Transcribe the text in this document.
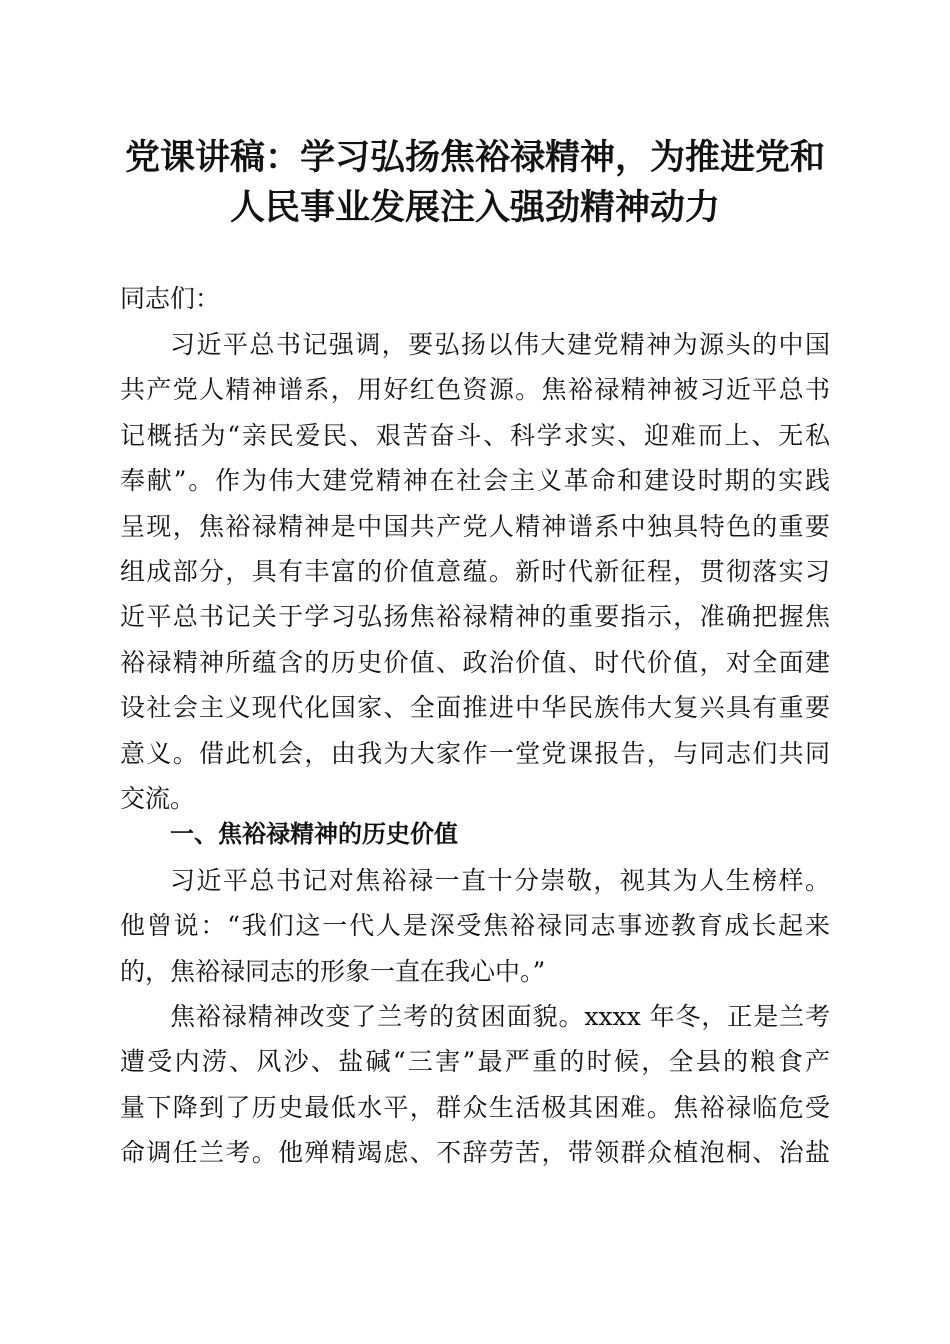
党课讲稿：学习弘扬焦裕禄精神，为推进党和
人民事业发展注入强劲精神动力
同志们：
习近平总书记强调，要弘扬以伟大建党精神为源头的中国
共产党人精神谱系，用好红色资源。焦裕禄精神被习近平总书
记概括为“亲民爱民、艰苦奋斗、科学求实、迎难而上、无私
奉献”。作为伟大建党精神在社会主义革命和建设时期的实践
呈现，焦裕禄精神是中国共产党人精神谱系中独具特色的重要
组成部分，具有丰富的价值意蕴。新时代新征程，贯彻落实习
近平总书记关于学习弘扬焦裕禄精神的重要指示，准确把握焦
裕禄精神所蕴含的历史价值、政治价值、时代价值，对全面建
设社会主义现代化国家、全面推进中华民族伟大复兴具有重要
意义。借此机会，由我为大家作一堂党课报告，与同志们共同
交流。
一、焦裕禄精神的历史价值
习近平总书记对焦裕禄一直十分崇敬，视其为人生榜样。
他曾说：“我们这一代人是深受焦裕禄同志事迹教育成长起来
的，焦裕禄同志的形象一直在我心中。”
焦裕禄精神改变了兰考的贫困面貌。xxxx 年冬，正是兰考
遭受内涝、风沙、盐碱“三害”最严重的时候，全县的粮食产
量下降到了历史最低水平，群众生活极其困难。焦裕禄临危受
命调任兰考。他殚精竭虑、不辞劳苦，带领群众植泡桐、治盐
